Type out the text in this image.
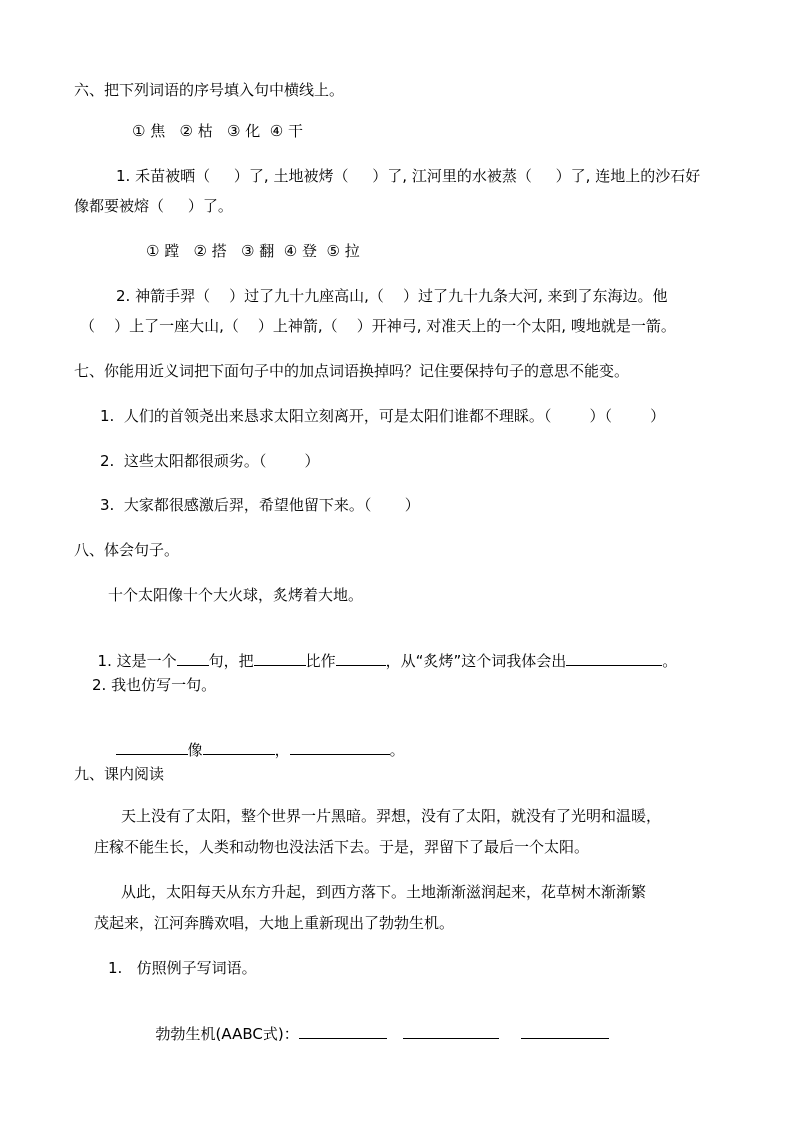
六、把下列词语的序号填入句中横线上。
① 焦   ② 枯   ③ 化  ④ 干
1. 禾苗被晒（     ）了, 土地被烤（     ）了, 江河里的水被蒸（     ）了, 连地上的沙石好
像都要被熔（     ）了。
① 蹚   ② 搭   ③ 翻  ④ 登  ⑤ 拉
2. 神箭手羿（    ）过了九十九座高山,（    ）过了九十九条大河, 来到了东海边。他
（    ）上了一座大山,（    ）上神箭,（    ）开神弓, 对准天上的一个太阳, 嗖地就是一箭。
七、你能用近义词把下面句子中的加点词语换掉吗？记住要保持句子的意思不能变。
1.  人们的首领尧出来恳求太阳立刻离开，可是太阳们谁都不理睬。（        ）（        ）
2.  这些太阳都很顽劣。（        ）
3.  大家都很感激后羿，希望他留下来。（       ）
八、体会句子。
十个太阳像十个大火球，炙烤着大地。

1. 这是一个 句，把	比作	，从“炙烤”这个词我体会出	。

2. 我也仿写一句。

像	，	。

九、课内阅读
天上没有了太阳，整个世界一片黑暗。羿想，没有了太阳，就没有了光明和温暖，
庄稼不能生长，人类和动物也没法活下去。于是，羿留下了最后一个太阳。
从此，太阳每天从东方升起，到西方落下。土地渐渐滋润起来，花草树木渐渐繁
茂起来，江河奔腾欢唱，大地上重新现出了勃勃生机。
1.   仿照例子写词语。

勃勃生机(AABC式)：
